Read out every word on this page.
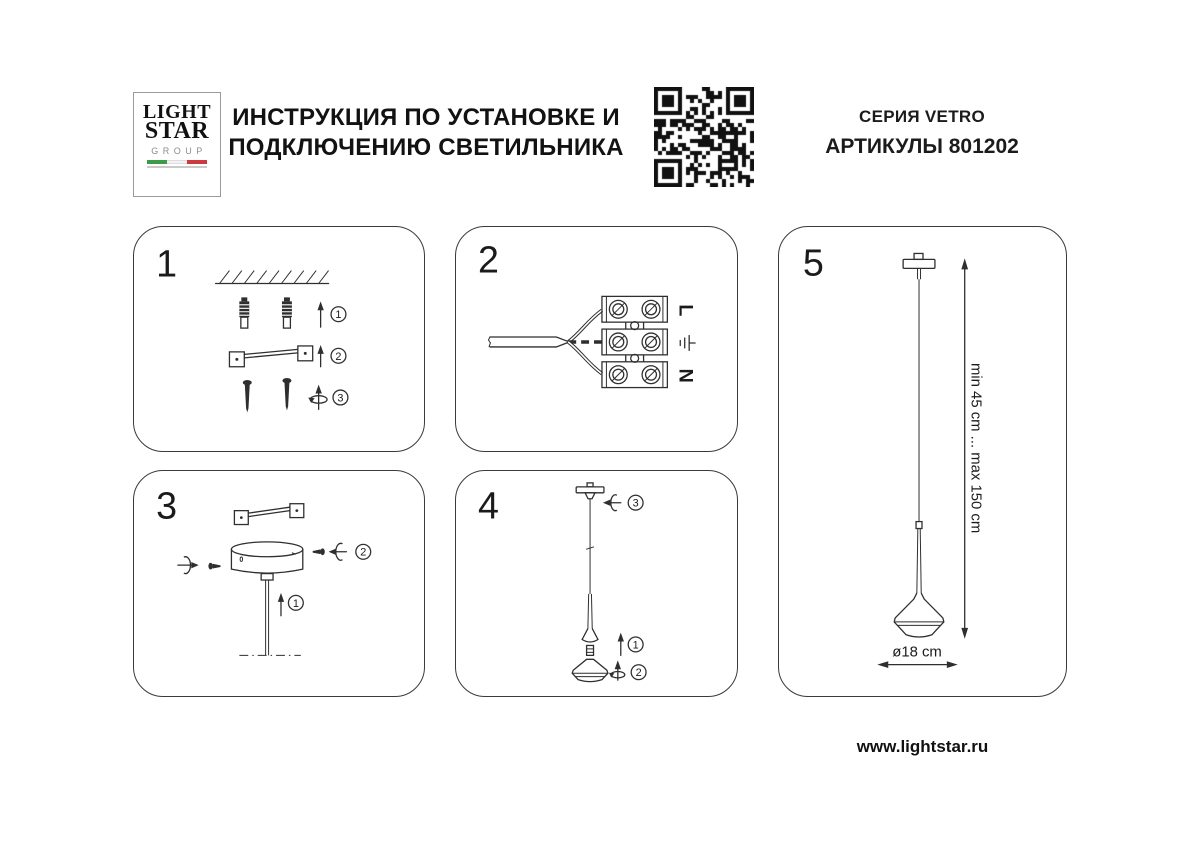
LIGHT
STAR
GROUP
ИНСТРУКЦИЯ ПО УСТАНОВКЕ И
ПОДКЛЮЧЕНИЮ СВЕТИЛЬНИКА
СЕРИЯ VETRO
АРТИКУЛЫ 801202
1
1
2
3
2
L
N
3
2
1
4	3
1
2
5
min 45 cm ... max 150 cm
ø18 cm
www.lightstar.ru
